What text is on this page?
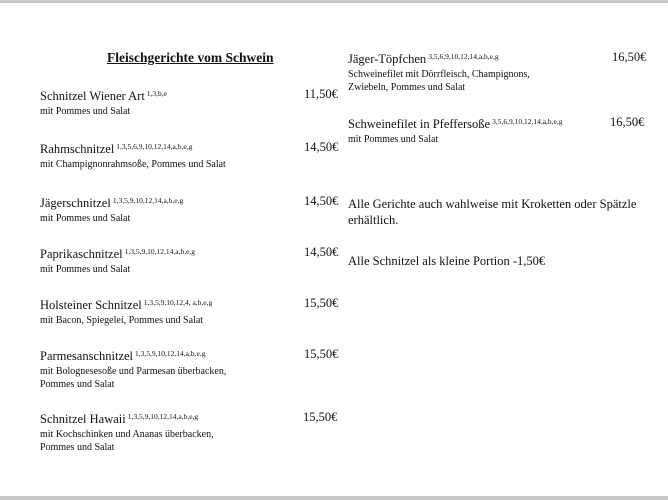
Fleischgerichte vom Schwein
Schnitzel Wiener Art $^{1,3,b,e}$
mit Pommes und Salat
11,50€
Rahmschnitzel $^{1,3,5,6,9,10,12,14,a,b,e,g}$
mit Champignonrahmsoße, Pommes und Salat
14,50€
Jägerschnitzel $^{1,3,5,9,10,12,14,a,b,e,g}$
mit Pommes und Salat
14,50€
Paprikaschnitzel $^{1,3,5,9,10,12,14,a,b,e,g}$
mit Pommes und Salat
14,50€
Holsteiner Schnitzel $^{1,3,5,9,10,12,4, a,b,e,g}$
mit Bacon, Spiegelei, Pommes und Salat
15,50€
Parmesanschnitzel $^{1,3,5,9,10,12,14,a,b,e,g}$
mit Bolognesesoße und Parmesan überbacken,
Pommes und Salat
15,50€
Schnitzel Hawaii $^{1,3,5,9,10,12,14,a,b,e,g}$
mit Kochschinken und Ananas überbacken,
Pommes und Salat
15,50€
Jäger-Töpfchen $^{3,5,6,9,10,12,14,a,b,e,g}$
Schweinefilet mit Dörrfleisch, Champignons,
Zwiebeln, Pommes und Salat
16,50€
Schweinefilet in Pfeffersoße $^{3,5,6,9,10,12,14,a,b,e,g}$
mit Pommes und Salat
16,50€
Alle Gerichte auch wahlweise mit Kroketten oder Spätzle erhältlich.
Alle Schnitzel als kleine Portion -1,50€
